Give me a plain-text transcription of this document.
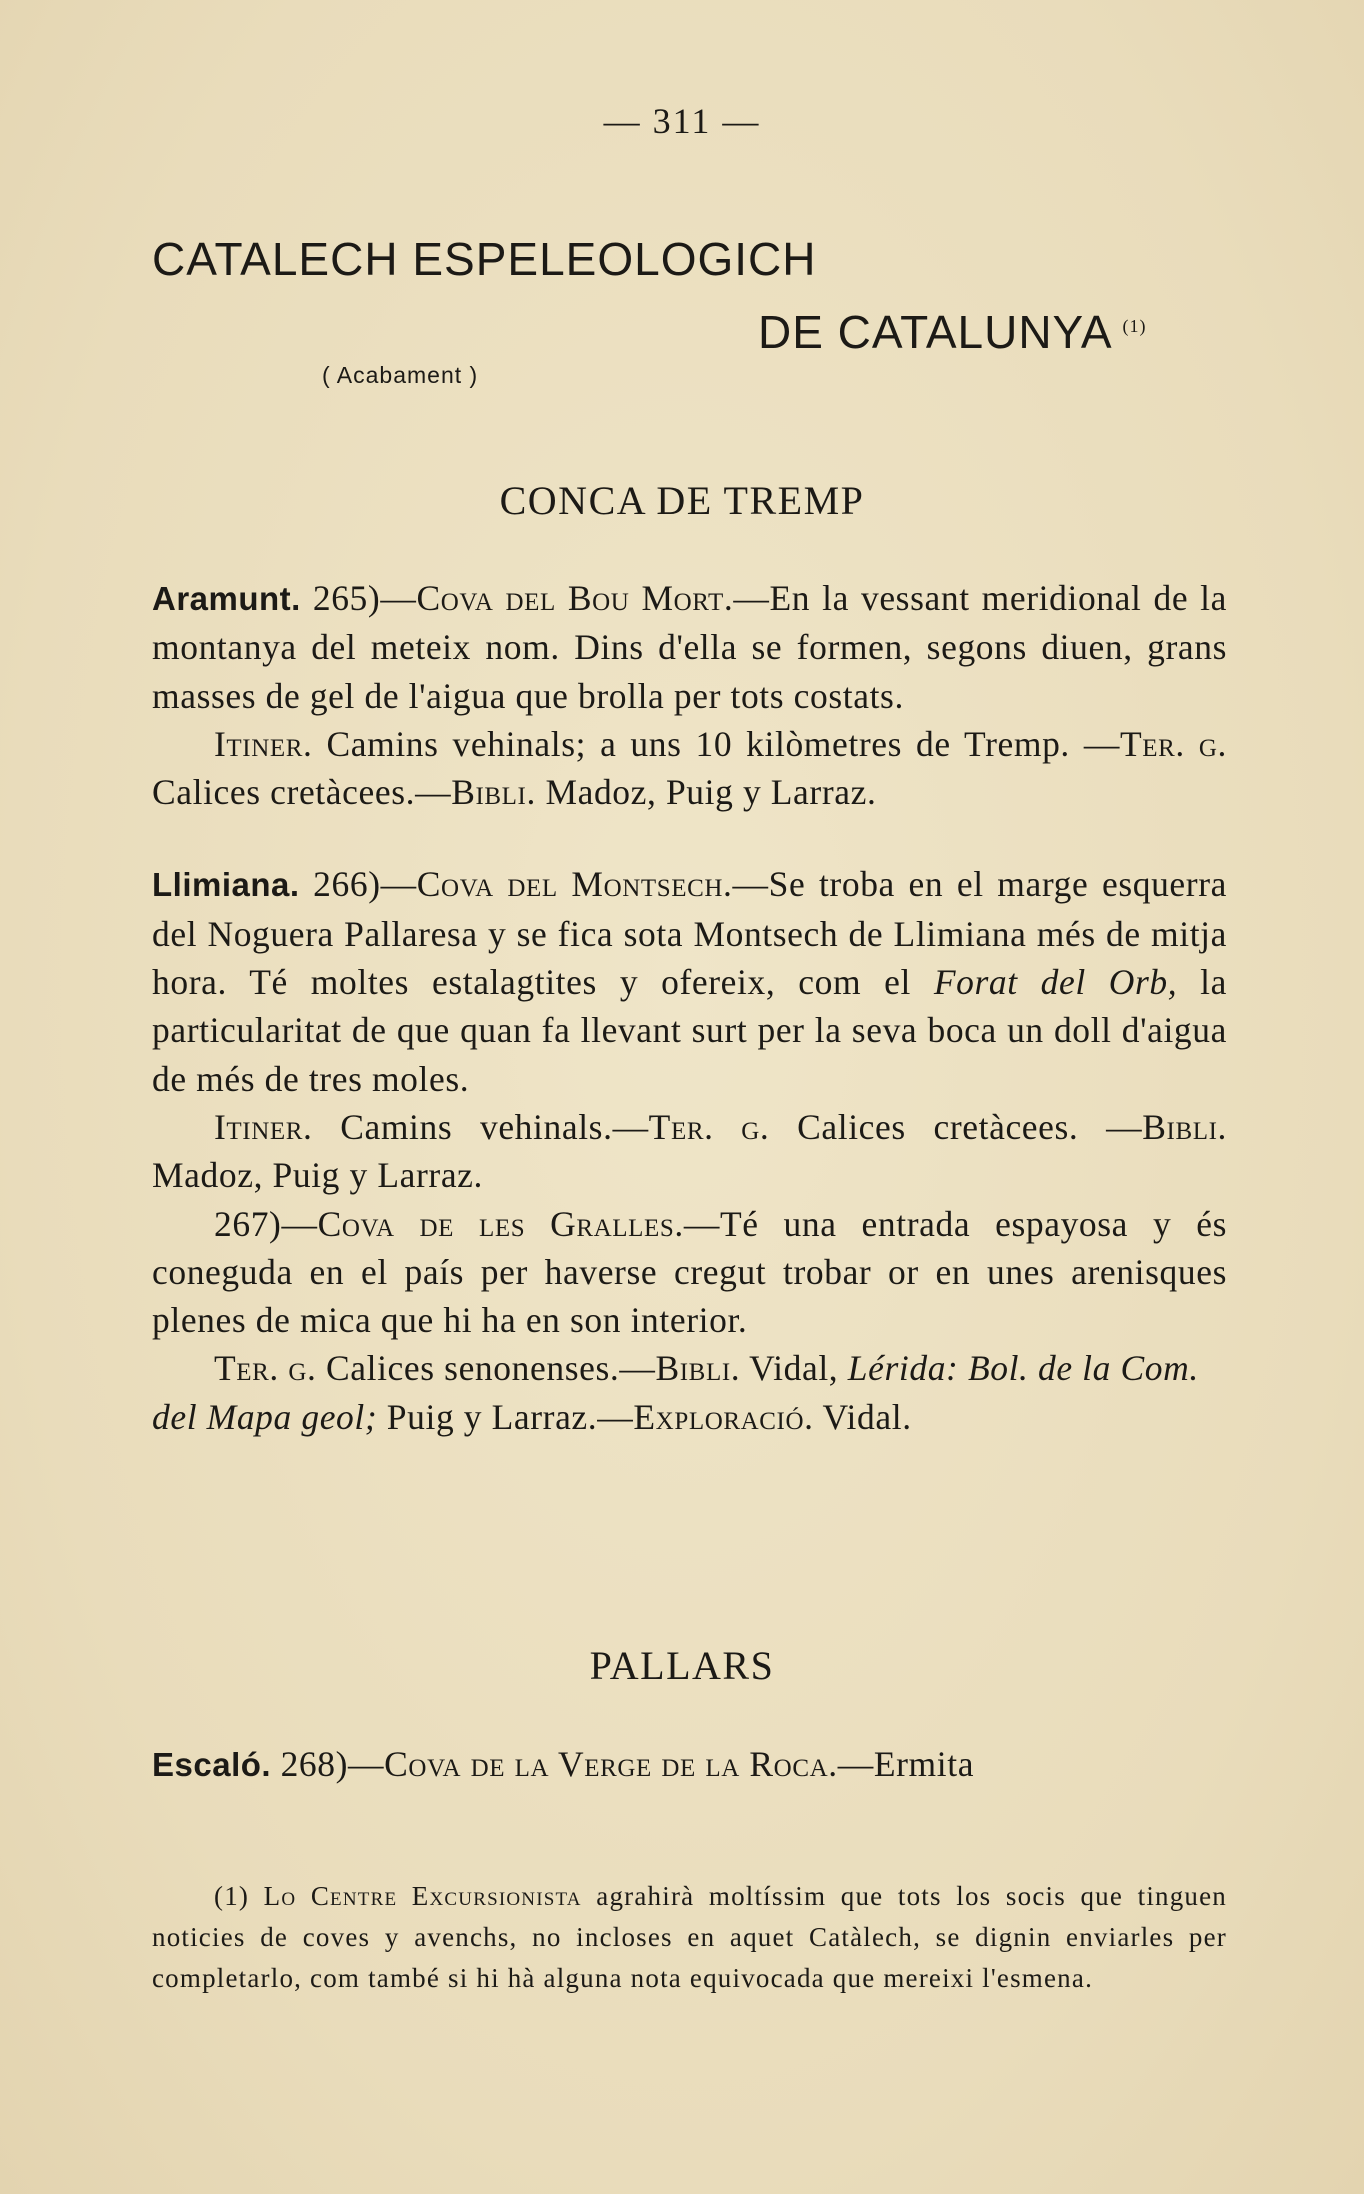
— 311 —
CATALECH ESPELEOLOGICH
DE CATALUNYA $^{(1)}$
( Acabament )
CONCA DE TREMP

Aramunt. 265)—Cova del Bou Mort.—En la vessant meridional de la montanya del meteix nom. Dins d'ella se formen, segons diuen, grans masses de gel de l'aigua que brolla per tots costats.

Itiner. Camins vehinals; a uns 10 kilòmetres de Tremp. —Ter. g. Calices cretàcees.—Bibli. Madoz, Puig y Larraz.

Llimiana. 266)—Cova del Montsech.—Se troba en el marge esquerra del Noguera Pallaresa y se fica sota Montsech de Llimiana més de mitja hora. Té moltes estalagtites y ofereix, com el Forat del Orb, la particularitat de que quan fa llevant surt per la seva boca un doll d'aigua de més de tres moles.

Itiner. Camins vehinals.—Ter. g. Calices cretàcees. —Bibli. Madoz, Puig y Larraz.

267)—Cova de les Gralles.—Té una entrada espayosa y és coneguda en el país per haverse cregut trobar or en unes arenisques plenes de mica que hi ha en son interior.

Ter. g. Calices senonenses.—Bibli. Vidal, Lérida: Bol. de la Com. del Mapa geol; Puig y Larraz.—Exploració. Vidal.

PALLARS

Escaló. 268)—Cova de la Verge de la Roca.—Ermita

(1) Lo Centre Excursionista agrahirà moltíssim que tots los socis que tinguen noticies de coves y avenchs, no incloses en aquet Catàlech, se dignin enviarles per completarlo, com també si hi hà alguna nota equivocada que mereixi l'esmena.
